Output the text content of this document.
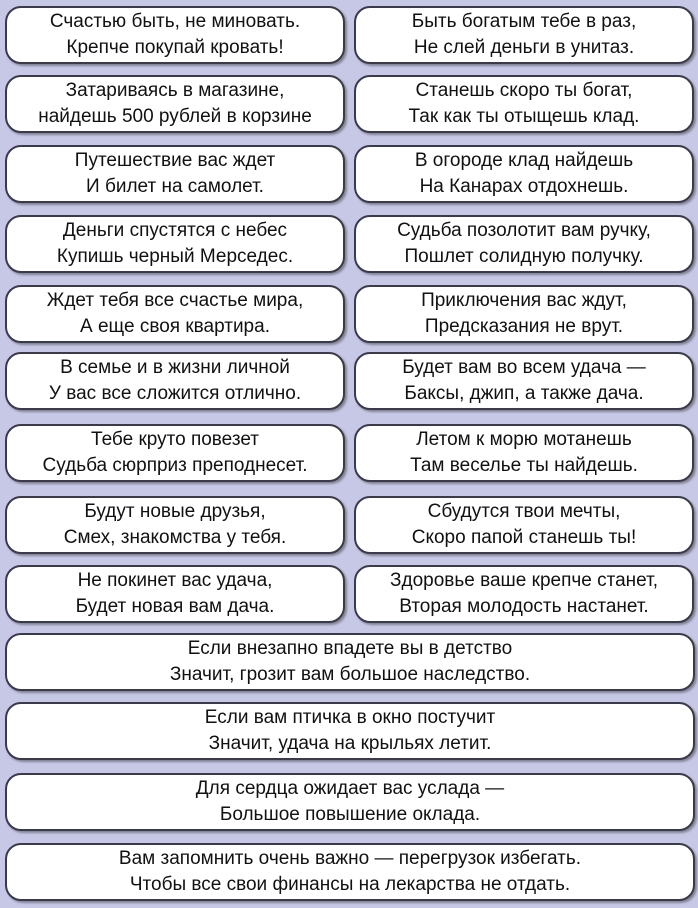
Счастью быть, не миновать.
Крепче покупай кровать!
Быть богатым тебе в раз,
Не слей деньги в унитаз.
Затариваясь в магазине,
найдешь 500 рублей в корзине
Станешь скоро ты богат,
Так как ты отыщешь клад.
Путешествие вас ждет
И билет на самолет.
В огороде клад найдешь
На Канарах отдохнешь.
Деньги спустятся с небес
Купишь черный Мерседес.
Судьба позолотит вам ручку,
Пошлет солидную получку.
Ждет тебя все счастье мира,
А еще своя квартира.
Приключения вас ждут,
Предсказания не врут.
В семье и в жизни личной
У вас все сложится отлично.
Будет вам во всем удача —
Баксы, джип, а также дача.
Тебе круто повезет
Судьба сюрприз преподнесет.
Летом к морю мотанешь
Там веселье ты найдешь.
Будут новые друзья,
Смех, знакомства у тебя.
Сбудутся твои мечты,
Скоро папой станешь ты!
Не покинет вас удача,
Будет новая вам дача.
Здоровье ваше крепче станет,
Вторая молодость настанет.
Если внезапно впадете вы в детство
Значит, грозит вам большое наследство.
Если вам птичка в окно постучит
Значит, удача на крыльях летит.
Для сердца ожидает вас услада —
Большое повышение оклада.
Вам запомнить очень важно — перегрузок избегать.
Чтобы все свои финансы на лекарства не отдать.
